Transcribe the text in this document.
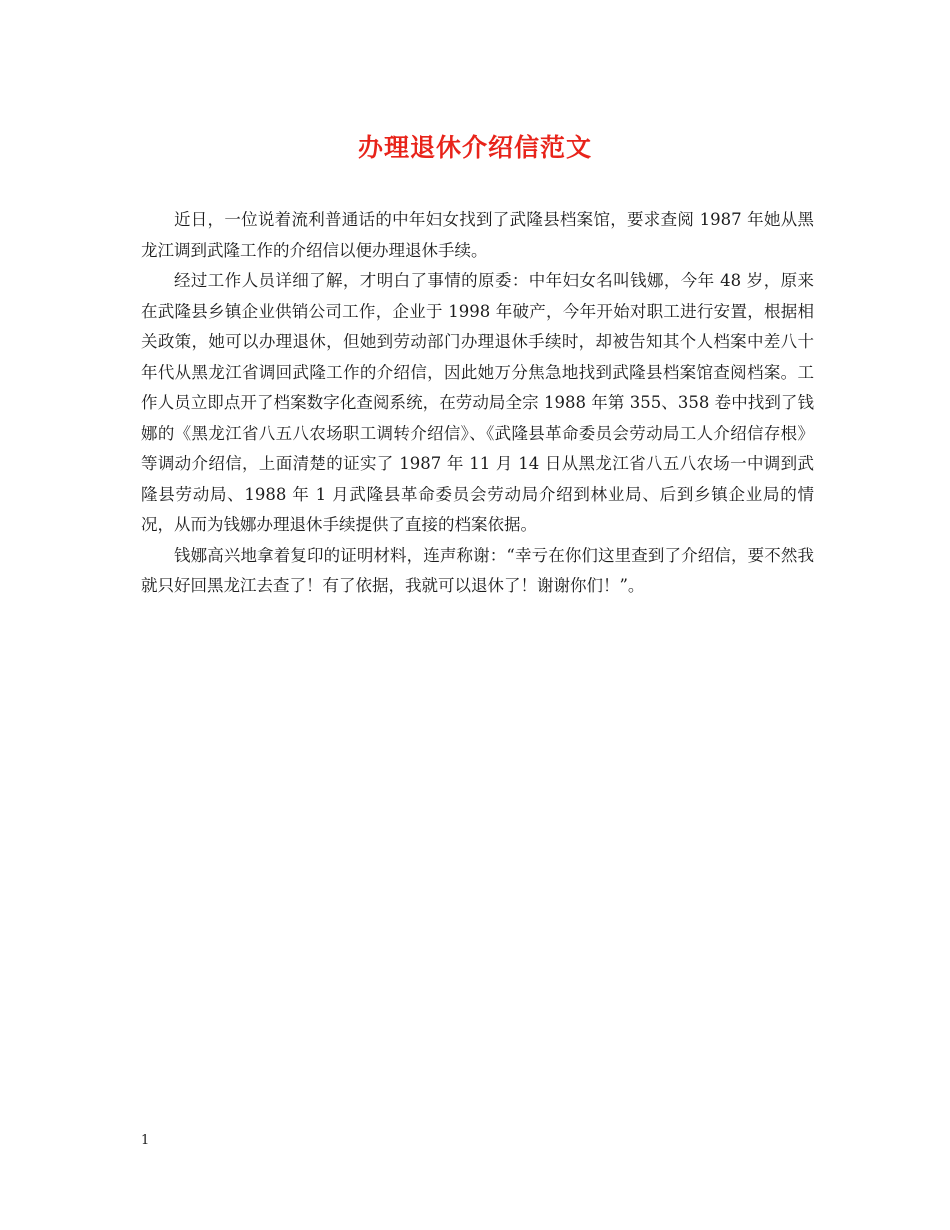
办理退休介绍信范文

近日，一位说着流利普通话的中年妇女找到了武隆县档案馆，要求查阅 1987 年她从黑龙江调到武隆工作的介绍信以便办理退休手续。

经过工作人员详细了解，才明白了事情的原委：中年妇女名叫钱娜，今年 48 岁，原来在武隆县乡镇企业供销公司工作，企业于 1998 年破产，今年开始对职工进行安置，根据相关政策，她可以办理退休，但她到劳动部门办理退休手续时，却被告知其个人档案中差八十年代从黑龙江省调回武隆工作的介绍信，因此她万分焦急地找到武隆县档案馆查阅档案。工作人员立即点开了档案数字化查阅系统，在劳动局全宗 1988 年第 355、358 卷中找到了钱娜的《黑龙江省八五八农场职工调转介绍信》、《武隆县革命委员会劳动局工人介绍信存根》等调动介绍信，上面清楚的证实了 1987 年 11 月 14 日从黑龙江省八五八农场一中调到武隆县劳动局、1988 年 1 月武隆县革命委员会劳动局介绍到林业局、后到乡镇企业局的情况，从而为钱娜办理退休手续提供了直接的档案依据。

钱娜高兴地拿着复印的证明材料，连声称谢：“幸亏在你们这里查到了介绍信，要不然我就只好回黑龙江去查了！有了依据，我就可以退休了！谢谢你们！”。

1
